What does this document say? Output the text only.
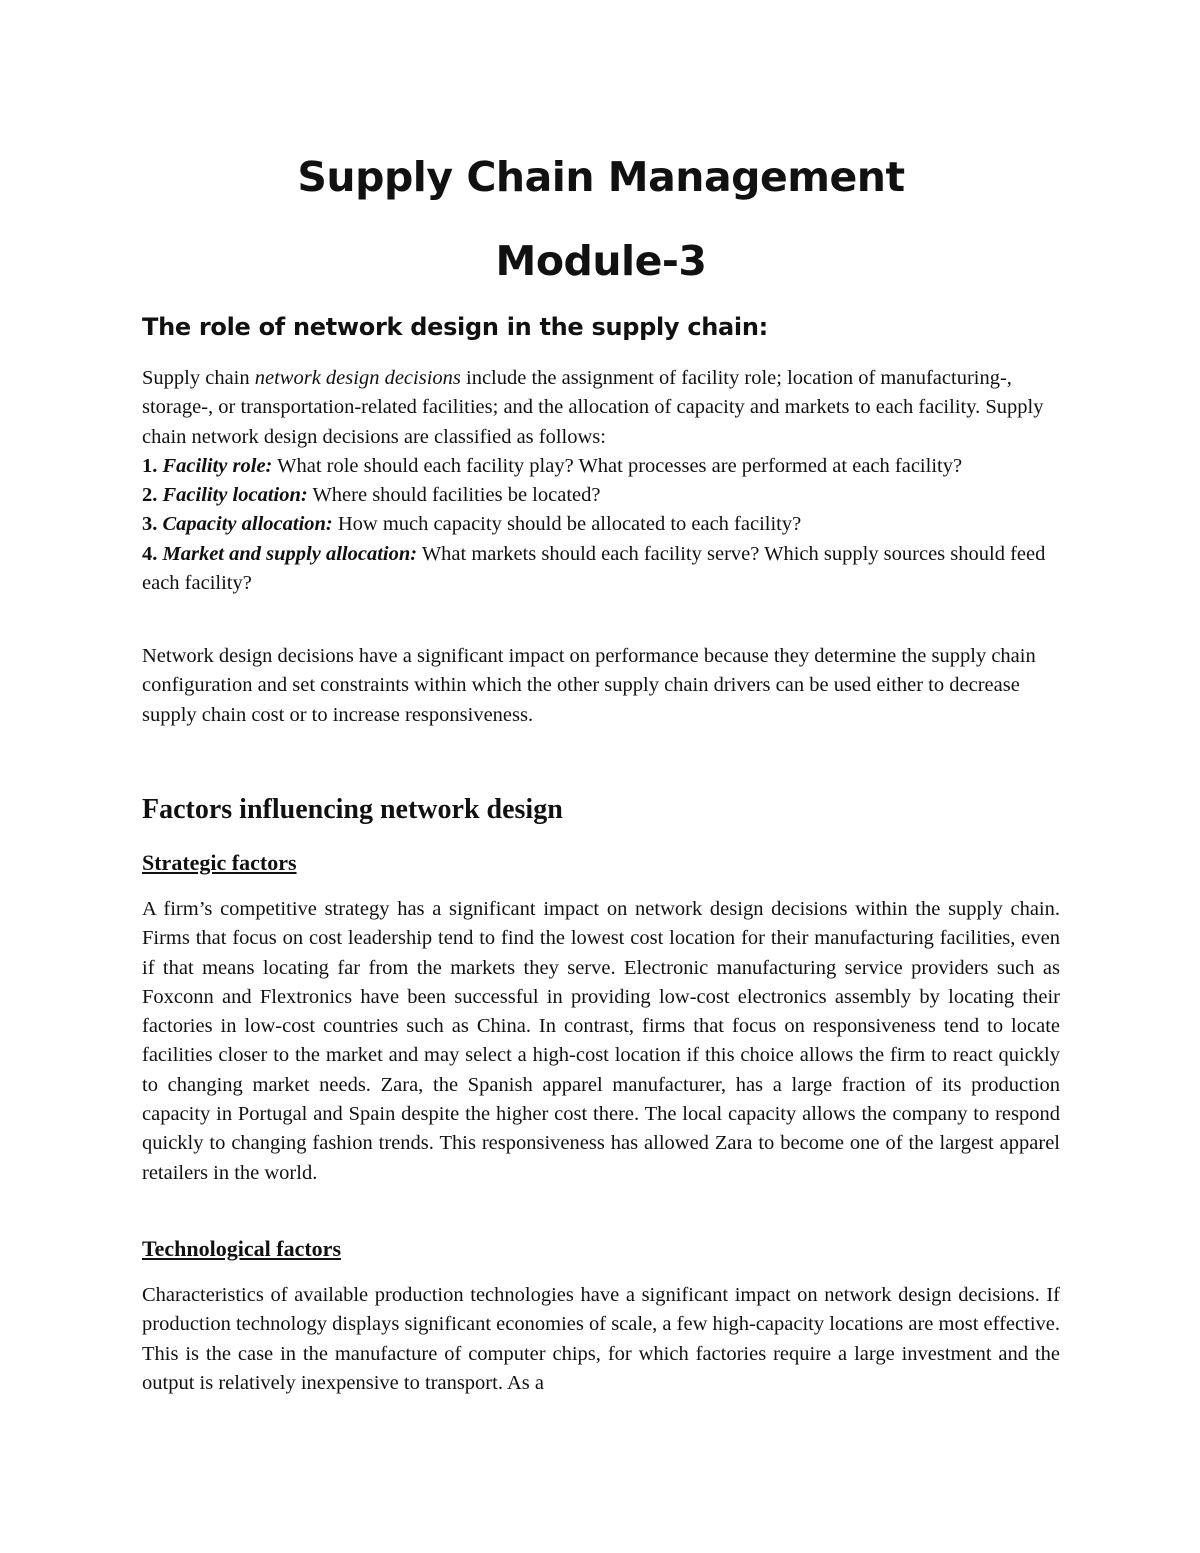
Supply Chain Management
Module-3
The role of network design in the supply chain:
Supply chain network design decisions include the assignment of facility role; location of manufacturing-, storage-, or transportation-related facilities; and the allocation of capacity and markets to each facility. Supply chain network design decisions are classified as follows:
1. Facility role: What role should each facility play? What processes are performed at each facility?
2. Facility location: Where should facilities be located?
3. Capacity allocation: How much capacity should be allocated to each facility?
4. Market and supply allocation: What markets should each facility serve? Which supply sources should feed each facility?

Network design decisions have a significant impact on performance because they determine the supply chain configuration and set constraints within which the other supply chain drivers can be used either to decrease supply chain cost or to increase responsiveness.

Factors influencing network design
Strategic factors

A firm’s competitive strategy has a significant impact on network design decisions within the supply chain. Firms that focus on cost leadership tend to find the lowest cost location for their manufacturing facilities, even if that means locating far from the markets they serve. Electronic manufacturing service providers such as Foxconn and Flextronics have been successful in providing low-cost electronics assembly by locating their factories in low-cost countries such as China. In contrast, firms that focus on responsiveness tend to locate facilities closer to the market and may select a high-cost location if this choice allows the firm to react quickly to changing market needs. Zara, the Spanish apparel manufacturer, has a large fraction of its production capacity in Portugal and Spain despite the higher cost there. The local capacity allows the company to respond quickly to changing fashion trends. This responsiveness has allowed Zara to become one of the largest apparel retailers in the world.

Technological factors

Characteristics of available production technologies have a significant impact on network design decisions. If production technology displays significant economies of scale, a few high-capacity locations are most effective. This is the case in the manufacture of computer chips, for which factories require a large investment and the output is relatively inexpensive to transport. As a
